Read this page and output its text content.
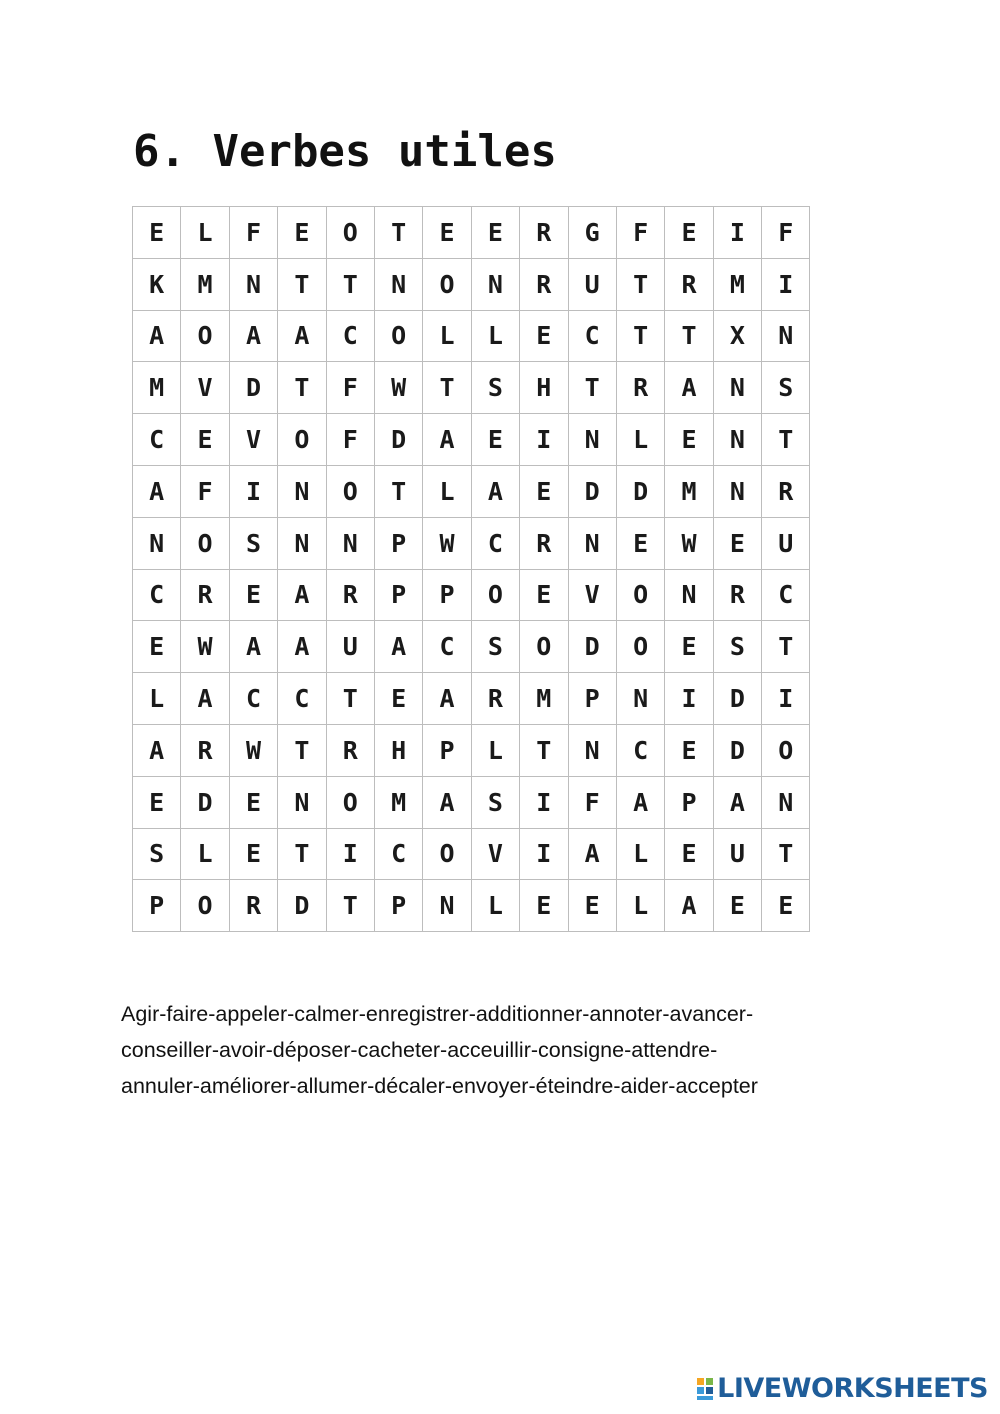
6. Verbes utiles
E	L	F	E	O	T	E	E	R	G	F	E	I	F
K	M	N	T	T	N	O	N	R	U	T	R	M	I
A	O	A	A	C	O	L	L	E	C	T	T	X	N
M	V	D	T	F	W	T	S	H	T	R	A	N	S
C	E	V	O	F	D	A	E	I	N	L	E	N	T
A	F	I	N	O	T	L	A	E	D	D	M	N	R
N	O	S	N	N	P	W	C	R	N	E	W	E	U
C	R	E	A	R	P	P	O	E	V	O	N	R	C
E	W	A	A	U	A	C	S	O	D	O	E	S	T
L	A	C	C	T	E	A	R	M	P	N	I	D	I
A	R	W	T	R	H	P	L	T	N	C	E	D	O
E	D	E	N	O	M	A	S	I	F	A	P	A	N
S	L	E	T	I	C	O	V	I	A	L	E	U	T
P	O	R	D	T	P	N	L	E	E	L	A	E	E
Agir-faire-appeler-calmer-enregistrer-additionner-annoter-avancer-
conseiller-avoir-déposer-cacheter-acceuillir-consigne-attendre-
annuler-améliorer-allumer-décaler-envoyer-éteindre-aider-accepter
LIVEWORKSHEETS
